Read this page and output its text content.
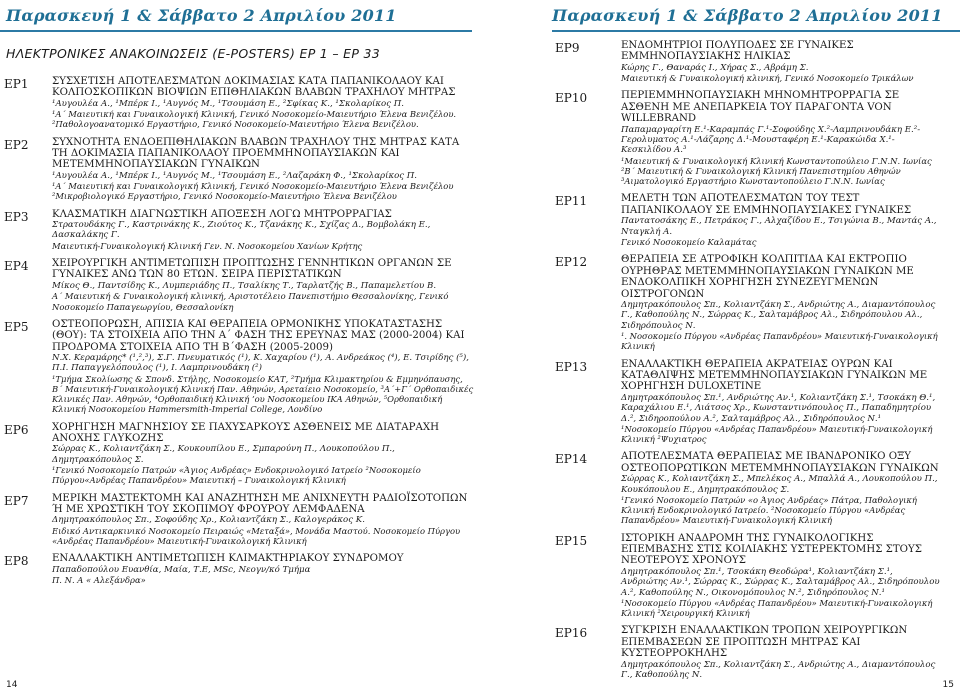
Παρασκευή 1 & Σάββατο 2 Απριλίου 2011
ΗΛΕΚΤΡΟΝΙΚΕΣ ΑΝΑΚΟΙΝΩΣΕΙΣ (E-POSTERS) EP 1 – EP 33
EP1	ΣΥΣΧΕΤΙΣΗ ΑΠΟΤΕΛΕΣΜΑΤΩΝ ΔΟΚΙΜΑΣΙΑΣ ΚΑΤΑ ΠΑΠΑΝΙΚΟΛΑΟΥ ΚΑΙ ΚΟΛΠΟΣΚΟΠΙΚΩΝ ΒΙΟΨΙΩΝ ΕΠΙΘΗΛΙΑΚΩΝ ΒΛΑΒΩΝ ΤΡΑΧΗΛΟΥ ΜΗΤΡΑΣ
¹Αυγουλέα Α., ¹Μπέρκ Ι., ¹Αυγνός Μ., ¹Τσουμάση Ε., ²Σφίκας Κ., ¹Σκολαρίκος Π.
¹Α΄ Μαιευτική και Γυναικολογική Κλινική, Γενικό Νοσοκομείο-Μαιευτήριο Έλενα Βενιζέλου. ²Παθολογοανατομικό Εργαστήριο, Γενικό Νοσοκομείο-Μαιευτήριο Έλενα Βενιζέλου.
EP2	ΣΥΧΝΟΤΗΤΑ ΕΝΔΟΕΠΙΘΗΛΙΑΚΩΝ ΒΛΑΒΩΝ ΤΡΑΧΗΛΟΥ ΤΗΣ ΜΗΤΡΑΣ ΚΑΤΑ ΤΗ ΔΟΚΙΜΑΣΙΑ ΠΑΠΑΝΙΚΟΛΑΟΥ ΠΡΟΕΜΜΗΝΟΠΑΥΣΙΑΚΩΝ ΚΑΙ ΜΕΤΕΜΜΗΝΟΠΑΥΣΙΑΚΩΝ ΓΥΝΑΙΚΩΝ
¹Αυγουλέα Α., ¹Μπέρκ Ι., ¹Αυγνός Μ., ¹Τσουμάση Ε., ²Λαζαράκη Φ., ¹Σκολαρίκος Π.
¹Α΄ Μαιευτική και Γυναικολογική Κλινική, Γενικό Νοσοκομείο-Μαιευτήριο Έλενα Βενιζέλου ²Μικροβιολογικό Εργαστήριο, Γενικό Νοσοκομείο-Μαιευτήριο Έλενα Βενιζέλου
EP3	ΚΛΑΣΜΑΤΙΚΗ ΔΙΑΓΝΩΣΤΙΚΗ ΑΠΟΞΕΣΗ ΛΟΓΩ ΜΗΤΡΟΡΡΑΓΙΑΣ
Στρατουδάκης Γ., Καστρινάκης Κ., Ζιούτος Κ., Τζανάκης Κ., Σχίζας Δ., Βομβολάκη Ε., Δασκαλάκης Γ.
Μαιευτική-Γυναικολογική Κλινική Γεν. Ν. Νοσοκομείου Χανίων Κρήτης
EP4	ΧΕΙΡΟΥΡΓΙΚΗ ΑΝΤΙΜΕΤΩΠΙΣΗ ΠΡΟΠΤΩΣΗΣ ΓΕΝΝΗΤΙΚΩΝ ΟΡΓΑΝΩΝ ΣΕ ΓΥΝΑΙΚΕΣ ΑΝΩ ΤΩΝ 80 ΕΤΩΝ. ΣΕΙΡΑ ΠΕΡΙΣΤΑΤΙΚΩΝ
Μίκος Θ., Παντσίδης Κ., Λυμπεριάδης Π., Τσαλίκης Τ., Ταρλατζής Β., Παπαμελετίου Β.
Α΄ Μαιευτική & Γυναικολογική κλινική, Αριστοτέλειο Πανεπιστήμιο Θεσσαλονίκης, Γενικό Νοσοκομείο Παπαγεωργίου, Θεσσαλονίκη
EP5	ΟΣΤΕΟΠΟΡΩΣΗ, ΑΠΙΣΙΑ ΚΑΙ ΘΕΡΑΠΕΙΑ ΟΡΜΟΝΙΚΗΣ ΥΠΟΚΑΤΑΣΤΑΣΗΣ (ΘΟΥ): ΤΑ ΣΤΟΙΧΕΙΑ ΑΠΟ ΤΗΝ Α΄ ΦΑΣΗ ΤΗΣ ΕΡΕΥΝΑΣ ΜΑΣ (2000-2004) ΚΑΙ ΠΡΟΔΡΟΜΑ ΣΤΟΙΧΕΙΑ ΑΠΟ ΤΗ Β΄ΦΑΣΗ (2005-2009)
Ν.Χ. Κεραμάρης* (¹,²,³), Σ.Γ. Πνευματικός (¹), Κ. Χαχαρίου (¹), Α. Ανδρεάκος (⁴), Ε. Τσιρίδης (⁵), Π.Ι. Παπαγγελόπουλος (¹), Ι. Λαμπρινουδάκη (²)
¹Τμήμα Σκολίωσης & Σπονδ. Στήλης, Νοσοκομείο ΚΑΤ, ²Τμήμα Κλιμακτηρίου & Εμμηνόπαυσης, Β΄ Μαιευτική-Γυναικολογική Κλινική Παν. Αθηνών, Αρεταίειο Νοσοκομείο, ³Α΄+Γ΄ Ορθοπαιδικές Κλινικές Παν. Αθηνών, ⁴Ορθοπαιδική Κλινική ’ου Νοσοκομείου ΙΚΑ Αθηνών, ⁵Ορθοπαιδική Κλινική Νοσοκομείου Hammersmith-Imperial College, Λονδίνο
EP6	ΧΟΡΗΓΗΣΗ ΜΑΓΝΗΣΙΟΥ ΣΕ ΠΑΧΥΣΑΡΚΟΥΣ ΑΣΘΕΝΕΙΣ ΜΕ ΔΙΑΤΑΡΑΧΗ ΑΝΟΧΗΣ ΓΛΥΚΟΖΗΣ
Σώρρας Κ., Κολιαντζάκη Σ., Κουκουπίλου Ε., Σμπαρούνη Π., Λουκοπούλου Π., Δημητρακόπουλος Σ.
¹Γενικό Νοσοκομείο Πατρών «Άγιος Ανδρέας» Ενδοκρινολογικό Ιατρείο ²Νοσοκομείο Πύργου«Ανδρέας Παπανδρέου» Μαιευτική – Γυναικολογική Κλινική
EP7	ΜΕΡΙΚΗ ΜΑΣΤΕΚΤΟΜΗ ΚΑΙ ΑΝΑΖΗΤΗΣΗ ΜΕ ΑΝΙΧΝΕΥΤΗ ΡΑΔΙΟΪΣΟΤΟΠΩΝ Ή ΜΕ ΧΡΩΣΤΙΚΗ ΤΟΥ ΣΚΟΠΙΜΟΥ ΦΡΟΥΡΟΥ ΛΕΜΦΑΔΕΝΑ
Δημητρακόπουλος Σπ., Σοφούδης Χρ., Κολιαντζάκη Σ., Καλογεράκος Κ.
Ειδικό Αντικαρκινικό Νοσοκομείο Πειραιώς «Μεταξά», Μονάδα Μαστού. Νοσοκομείο Πύργου «Ανδρέας Παπανδρέου» Μαιευτική-Γυναικολογική Κλινική
EP8	ΕΝΑΛΛΑΚΤΙΚΗ ΑΝΤΙΜΕΤΩΠΙΣΗ ΚΛΙΜΑΚΤΗΡΙΑΚΟΥ ΣΥΝΔΡΟΜΟΥ
Παπαδοπούλου Ευανθία, Μαία, Τ.Ε, MSc, Νεογν/κό Τμήμα
Π. Ν. Α « Αλεξάνδρα»
14
Παρασκευή 1 & Σάββατο 2 Απριλίου 2011
EP9	ΕΝΔΟΜΗΤΡΙΟΙ ΠΟΛΥΠΟΔΕΣ ΣΕ ΓΥΝΑΙΚΕΣ ΕΜΜΗΝΟΠΑΥΣΙΑΚΗΣ ΗΛΙΚΙΑΣ
Κώρης Γ., Θαναράς Ι., Χήρας Σ., Αβράμη Σ.
Μαιευτική & Γυναικολογική κλινική, Γενικό Νοσοκομείο Τρικάλων
EP10	ΠΕΡΙΕΜΜΗΝΟΠΑΥΣΙΑΚΗ ΜΗΝΟΜΗΤΡΟΡΡΑΓΙΑ ΣΕ ΑΣΘΕΝΗ ΜΕ ΑΝΕΠΑΡΚΕΙΑ ΤΟΥ ΠΑΡΑΓΟΝΤΑ VON WILLEBRAND
Παπαμαργαρίτη Ε.¹-Καραμπάς Γ.¹-Σοφούδης Χ.²-Λαμπρινουδάκη Ε.²-Γερολυματος Α.¹-Λάζαρης Δ.¹-Μουσταφέρη Ε.¹-Καρακώιδα Χ.¹-Κεσκιλίδου Α.³
¹Μαιευτική & Γυναικολογική Κλινική Κωνσταντοπούλειο Γ.Ν.Ν. Ιωνίας ²Β΄ Μαιευτική & Γυναικολογική Κλινική Πανεπιστημίου Αθηνών ³Αιματολογικό Εργαστήριο Κωνσταντοπούλειο Γ.Ν.Ν. Ιωνίας
EP11	ΜΕΛΕΤΗ ΤΩΝ ΑΠΟΤΕΛΕΣΜΑΤΩΝ ΤΟΥ ΤΕΣΤ ΠΑΠΑΝΙΚΟΛΑΟΥ ΣΕ ΕΜΜΗΝΟΠΑΥΣΙΑΚΕΣ ΓΥΝΑΙΚΕΣ
Παντατοσάκης Ε., Πετράκος Γ., Αλχαζίδου Ε., Τσιγώνια Β., Μαντάς Α., Νταγκλή Α.
Γενικό Νοσοκομείο Καλαμάτας
EP12	ΘΕΡΑΠΕΙΑ ΣΕ ΑΤΡΟΦΙΚΗ ΚΟΛΠΙΤΙΔΑ ΚΑΙ ΕΚΤΡΟΠΙΟ ΟΥΡΗΘΡΑΣ ΜΕΤΕΜΜΗΝΟΠΑΥΣΙΑΚΩΝ ΓΥΝΑΙΚΩΝ ΜΕ ΕΝΔΟΚΟΛΠΙΚΗ ΧΟΡΗΓΗΣΗ ΣΥΝΕΖΕΥΓΜΕΝΩΝ ΟΙΣΤΡΟΓΟΝΩΝ
Δημητρακόπουλος Σπ., Κολιαντζάκη Σ., Ανδριώτης Α., Διαμαντόπουλος Γ., Καθοπούλης Ν., Σώρρας Κ., Σαλταμάβρος Αλ., Σιδηρόπουλου Αλ., Σιδηρόπουλος Ν.
¹. Νοσοκομείο Πύργου «Ανδρέας Παπανδρέου» Μαιευτική-Γυναικολογική Κλινική
EP13	ΕΝΑΛΛΑΚΤΙΚΗ ΘΕΡΑΠΕΙΑ ΑΚΡΑΤΕΙΑΣ ΟΥΡΩΝ ΚΑΙ ΚΑΤΑΘΛΙΨΗΣ ΜΕΤΕΜΜΗΝΟΠΑΥΣΙΑΚΩΝ ΓΥΝΑΙΚΩΝ ΜΕ ΧΟΡΗΓΗΣΗ DULOXETINE
Δημητρακόπουλος Σπ.¹, Ανδριώτης Αν.¹, Κολιαντζάκη Σ.¹, Τσοκάκη Θ.¹, Καραχάλιου Ε.¹, Λιάτσος Χρ., Κωνσταντινόπουλος Π., Παπαδημητρίου Δ.², Σιδηροπούλου Α.², Σαλταμάβρος Αλ., Σιδηρόπουλος Ν.¹
¹Νοσοκομείο Πύργου «Ανδρέας Παπανδρέου» Μαιευτική-Γυναικολογική Κλινική ²Ψυχιατρος
EP14	ΑΠΟΤΕΛΕΣΜΑΤΑ ΘΕΡΑΠΕΙΑΣ ΜΕ ΙΒΑΝΔΡΟΝΙΚΟ ΟΞΥ ΟΣΤΕΟΠΟΡΩΤΙΚΩΝ ΜΕΤΕΜΜΗΝΟΠΑΥΣΙΑΚΩΝ ΓΥΝΑΙΚΩΝ
Σώρρας Κ., Κολιαντζάκη Σ., Μπελέκος Α., Μπαλλά Α., Λουκοπούλου Π., Κουκόπουλου Ε., Δημητρακόπουλος Σ.
¹Γενικό Νοσοκομείο Πατρών «ο Άγιος Ανδρέας» Πάτρα, Παθολογική Κλινική Ενδοκρινολογικό Ιατρείο. ²Νοσοκομείο Πύργου «Ανδρέας Παπανδρέου» Μαιευτική-Γυναικολογική Κλινική
EP15	ΙΣΤΟΡΙΚΗ ΑΝΑΔΡΟΜΗ ΤΗΣ ΓΥΝΑΙΚΟΛΟΓΙΚΗΣ ΕΠΕΜΒΑΣΗΣ ΣΤΙΣ ΚΟΙΛΙΑΚΗΣ ΥΣΤΕΡΕΚΤΟΜΗΣ ΣΤΟΥΣ ΝΕΟΤΕΡΟΥΣ ΧΡΟΝΟΥΣ
Δημητρακόπουλος Σπ.¹, Τσοκάκη Θεοδώρα¹, Κολιαντζάκη Σ.¹, Ανδριώτης Αν.¹, Σώρρας Κ., Σώρρας Κ., Σαλταμάβρος Αλ., Σιδηρόπουλου Α.², Καθοπούλης Ν., Οικονομόπουλος Ν.², Σιδηρόπουλος Ν.¹
¹Νοσοκομείο Πύργου «Ανδρέας Παπανδρέου» Μαιευτική-Γυναικολογική Κλινική ²Χειρουργική Κλινική
EP16	ΣΥΓΚΡΙΣΗ ΕΝΑΛΛΑΚΤΙΚΩΝ ΤΡΟΠΩΝ ΧΕΙΡΟΥΡΓΙΚΩΝ ΕΠΕΜΒΑΣΕΩΝ ΣΕ ΠΡΟΠΤΩΣΗ ΜΗΤΡΑΣ ΚΑΙ ΚΥΣΤΕΟΡΡΟΚΗΛΗΣ
Δημητρακόπουλος Σπ., Κολιαντζάκη Σ., Ανδριώτης Α., Διαμαντόπουλος Γ., Καθοπούλης Ν.
15
